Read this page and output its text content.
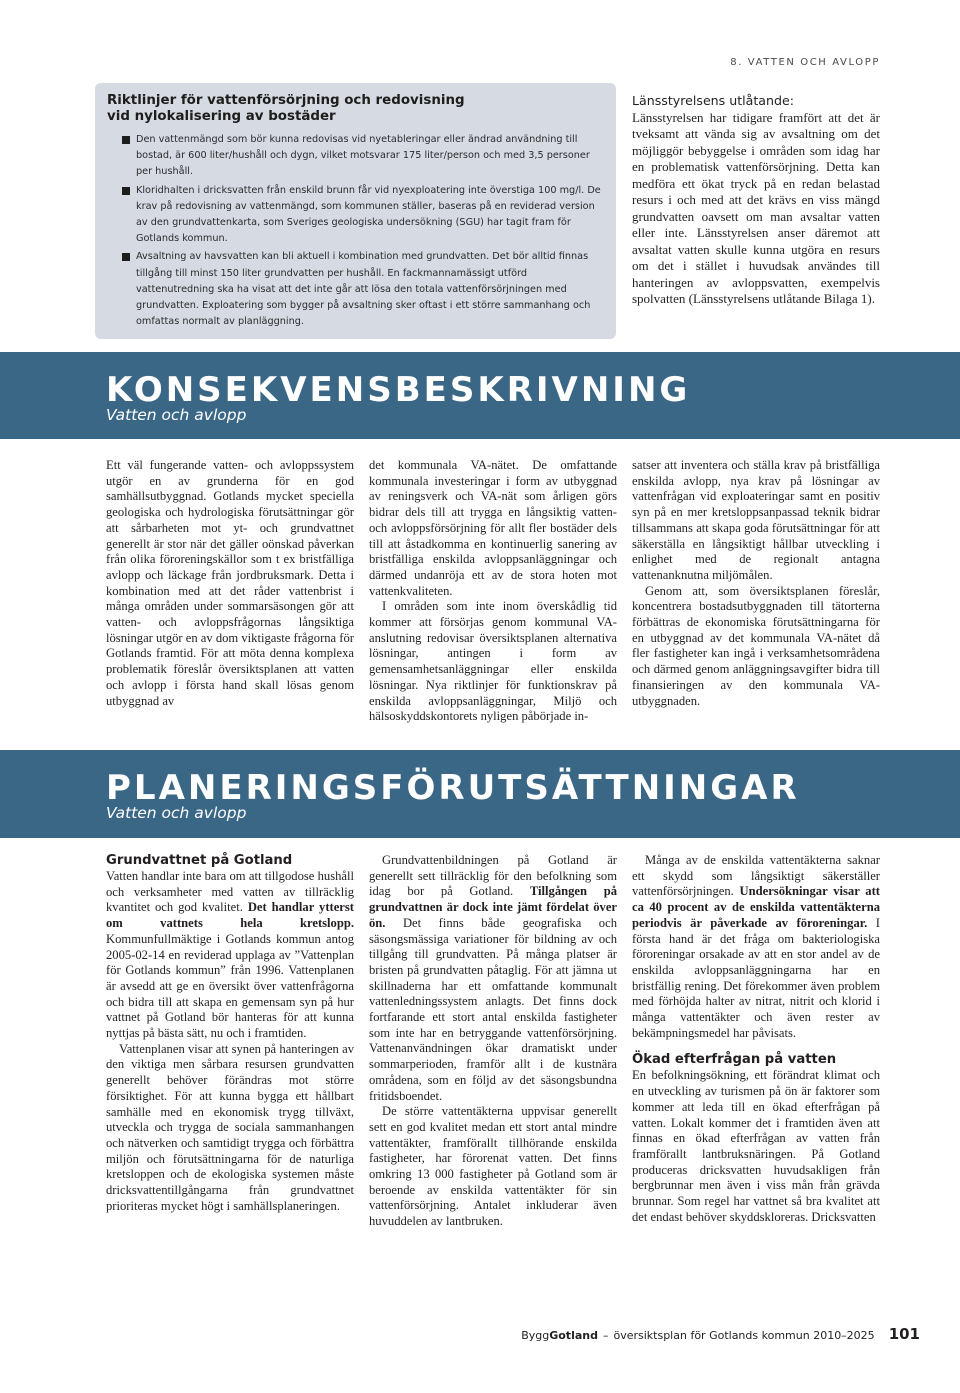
8. VATTEN OCH AVLOPP
Riktlinjer för vattenförsörjning och redovisning
vid nylokalisering av bostäder
Den vattenmängd som bör kunna redovisas vid nyetableringar eller ändrad användning till bostad, är 600 liter/hushåll och dygn, vilket motsvarar 175 liter/person och med 3,5 personer per hushåll.
Kloridhalten i dricksvatten från enskild brunn får vid nyexploatering inte överstiga 100 mg/l. De krav på redovisning av vattenmängd, som kommunen ställer, baseras på en reviderad version av den grundvattenkarta, som Sveriges geologiska undersökning (SGU) har tagit fram för Gotlands kommun.
Avsaltning av havsvatten kan bli aktuell i kombination med grundvatten. Det bör alltid finnas tillgång till minst 150 liter grundvatten per hushåll. En fackmannamässigt utförd vattenutredning ska ha visat att det inte går att lösa den totala vattenförsörjningen med grundvatten. Exploatering som bygger på avsaltning sker oftast i ett större sammanhang och omfattas normalt av planläggning.
Länsstyrelsens utlåtande:
Länsstyrelsen har tidigare framfört att det är tveksamt att vända sig av avsaltning om det möjliggör bebyggelse i områden som idag har en problematisk vattenförsörjning. Detta kan medföra ett ökat tryck på en redan belastad resurs i och med att det krävs en viss mängd grundvatten oavsett om man avsaltar vatten eller inte. Länsstyrelsen anser däremot att avsaltat vatten skulle kunna utgöra en resurs om det i stället i huvudsak användes till hanteringen av avloppsvatten, exempelvis spolvatten (Länsstyrelsens utlåtande Bilaga 1).
KONSEKVENSBESKRIVNING
Vatten och avlopp

Ett väl fungerande vatten- och avloppssystem utgör en av grunderna för en god samhällsutbyggnad. Gotlands mycket speciella geologiska och hydrologiska förutsättningar gör att sårbarheten mot yt- och grundvattnet generellt är stor när det gäller oönskad påverkan från olika föroreningskällor som t ex bristfälliga avlopp och läckage från jordbruksmark. Detta i kombination med att det råder vattenbrist i många områden under sommarsäsongen gör att vatten- och avloppsfrågornas långsiktiga lösningar utgör en av dom viktigaste frågorna för Gotlands framtid. För att möta denna komplexa problematik föreslår översiktsplanen att vatten och avlopp i första hand skall lösas genom utbyggnad av

det kommunala VA-nätet. De omfattande kommunala investeringar i form av utbyggnad av reningsverk och VA-nät som årligen görs bidrar dels till att trygga en långsiktig vatten- och avloppsförsörjning för allt fler bostäder dels till att åstadkomma en kontinuerlig sanering av bristfälliga enskilda avloppsanläggningar och därmed undanröja ett av de stora hoten mot vattenkvaliteten.

I områden som inte inom överskådlig tid kommer att försörjas genom kommunal VA-anslutning redovisar översiktsplanen alternativa lösningar, antingen i form av gemensamhetsanläggningar eller enskilda lösningar. Nya riktlinjer för funktionskrav på enskilda avloppsanläggningar, Miljö och hälsoskyddskontorets nyligen påbörjade in-

satser att inventera och ställa krav på bristfälliga enskilda avlopp, nya krav på lösningar av vattenfrågan vid exploateringar samt en positiv syn på en mer kretsloppsanpassad teknik bidrar tillsammans att skapa goda förutsättningar för att säkerställa en långsiktigt hållbar utveckling i enlighet med de regionalt antagna vattenanknutna miljömålen.

Genom att, som översiktsplanen föreslår, koncentrera bostadsutbyggnaden till tätorterna förbättras de ekonomiska förutsättningarna för en utbyggnad av det kommunala VA-nätet då fler fastigheter kan ingå i verksamhetsområdena och därmed genom anläggningsavgifter bidra till finansieringen av den kommunala VA-utbyggnaden.

PLANERINGSFÖRUTSÄTTNINGAR
Vatten och avlopp
Grundvattnet på Gotland

Vatten handlar inte bara om att tillgodose hushåll och verksamheter med vatten av tillräcklig kvantitet och god kvalitet. Det handlar ytterst om vattnets hela kretslopp. Kommunfullmäktige i Gotlands kommun antog 2005-02-14 en reviderad upplaga av ”Vattenplan för Gotlands kommun” från 1996. Vattenplanen är avsedd att ge en översikt över vattenfrågorna och bidra till att skapa en gemensam syn på hur vattnet på Gotland bör hanteras för att kunna nyttjas på bästa sätt, nu och i framtiden.

Vattenplanen visar att synen på hanteringen av den viktiga men sårbara resursen grundvatten generellt behöver förändras mot större försiktighet. För att kunna bygga ett hållbart samhälle med en ekonomisk trygg tillväxt, utveckla och trygga de sociala sammanhangen och nätverken och samtidigt trygga och förbättra miljön och förutsättningarna för de naturliga kretsloppen och de ekologiska systemen måste dricksvattentillgångarna från grundvattnet prioriteras mycket högt i samhällsplaneringen.

Grundvattenbildningen på Gotland är generellt sett tillräcklig för den befolkning som idag bor på Gotland. Tillgången på grundvattnen är dock inte jämt fördelat över ön. Det finns både geografiska och säsongsmässiga variationer för bildning av och tillgång till grundvatten. På många platser är bristen på grundvatten påtaglig. För att jämna ut skillnaderna har ett omfattande kommunalt vattenledningssystem anlagts. Det finns dock fortfarande ett stort antal enskilda fastigheter som inte har en betryggande vattenförsörjning. Vattenanvändningen ökar dramatiskt under sommarperioden, framför allt i de kustnära områdena, som en följd av det säsongsbundna fritidsboendet.

De större vattentäkterna uppvisar generellt sett en god kvalitet medan ett stort antal mindre vattentäkter, framförallt tillhörande enskilda fastigheter, har förorenat vatten. Det finns omkring 13 000 fastigheter på Gotland som är beroende av enskilda vattentäkter för sin vattenförsörjning. Antalet inkluderar även huvuddelen av lantbruken.

Många av de enskilda vattentäkterna saknar ett skydd som långsiktigt säkerställer vattenförsörjningen. Undersökningar visar att ca 40 procent av de enskilda vattentäkterna periodvis är påverkade av föroreningar. I första hand är det fråga om bakteriologiska föroreningar orsakade av att en stor andel av de enskilda avloppsanläggningarna har en bristfällig rening. Det förekommer även problem med förhöjda halter av nitrat, nitrit och klorid i många vattentäkter och även rester av bekämpningsmedel har påvisats.

Ökad efterfrågan på vatten

En befolkningsökning, ett förändrat klimat och en utveckling av turismen på ön är faktorer som kommer att leda till en ökad efterfrågan på vatten. Lokalt kommer det i framtiden även att finnas en ökad efterfrågan av vatten från framförallt lantbruksnäringen. På Gotland produceras dricksvatten huvudsakligen från bergbrunnar men även i viss mån från grävda brunnar. Som regel har vattnet så bra kvalitet att det endast behöver skyddskloreras. Dricksvatten

ByggGotland – översiktsplan för Gotlands kommun 2010–2025 101
